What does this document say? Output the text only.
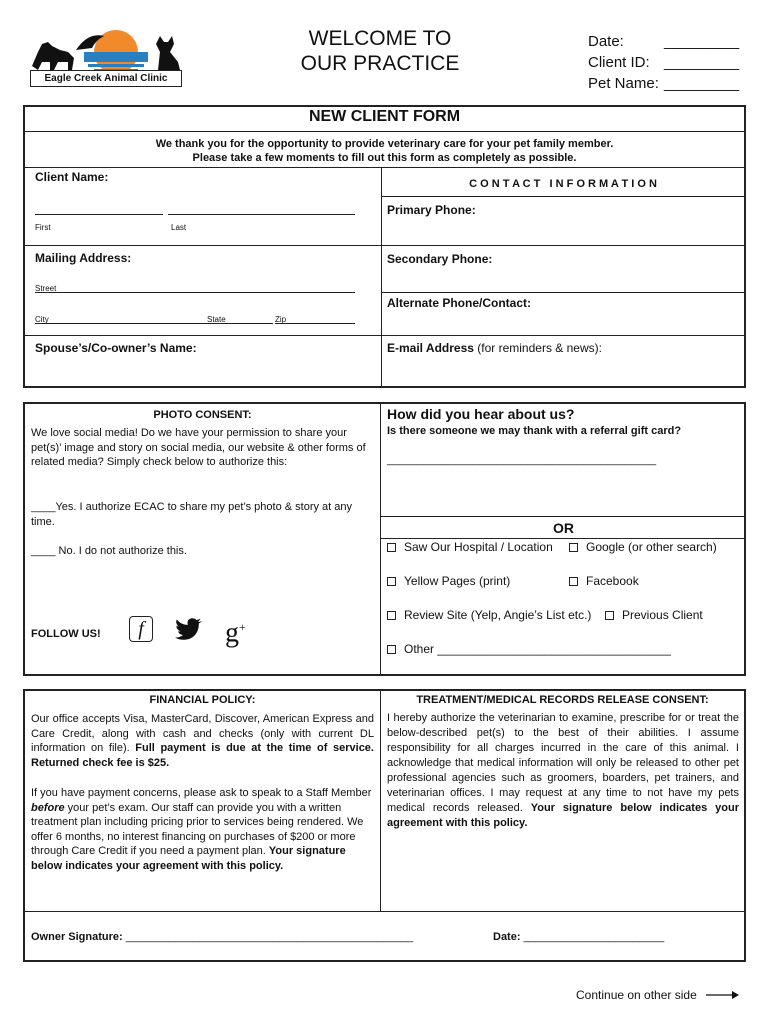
Eagle Creek Animal Clinic
WELCOME TO
OUR PRACTICE
Date:	_________
Client ID: _________
Pet Name: _________
NEW CLIENT FORM
We thank you for the opportunity to provide veterinary care for your pet family member.
Please take a few moments to fill out this form as completely as possible.
Client Name:
First	Last
Mailing Address:
Street
City	State	Zip
Spouse’s/Co-owner’s Name:
C O N T A C T   I N F O R M A T I O N
Primary Phone:
Secondary Phone:
Alternate Phone/Contact:
E-mail Address (for reminders & news):
PHOTO CONSENT:
We love social media! Do we have your permission to share your pet(s)’ image and story on social media, our website & other forms of related media? Simply check below to authorize this:
____Yes. I authorize ECAC to share my pet’s photo & story at any time.
____ No. I do not authorize this.
FOLLOW US!	f	g+
How did you hear about us?
Is there someone we may thank with a referral gift card?
____________________________________________
OR
Saw Our Hospital / Location	Google (or other search)
Yellow Pages (print)	Facebook
Review Site (Yelp, Angie’s List etc.)	Previous Client
Other ___________________________________
FINANCIAL POLICY:
Our office accepts Visa, MasterCard, Discover, American Express and Care Credit, along with cash and checks (only with current DL information on file). Full payment is due at the time of service. Returned check fee is $25.
If you have payment concerns, please ask to speak to a Staff Member before your pet’s exam. Our staff can provide you with a written treatment plan including pricing prior to services being rendered. We offer 6 months, no interest financing on purchases of $200 or more through Care Credit if you need a payment plan. Your signature below indicates your agreement with this policy.
TREATMENT/MEDICAL RECORDS RELEASE CONSENT:
I hereby authorize the veterinarian to examine, prescribe for or treat the below-described pet(s) to the best of their abilities. I assume responsibility for all charges incurred in the care of this animal. I acknowledge that medical information will only be released to other pet professional agencies such as groomers, boarders, pet trainers, and veterinarian offices. I may request at any time to not have my pets medical records released. Your signature below indicates your agreement with this policy.
Owner Signature: _______________________________________________	Date: _______________________
Continue on other side
